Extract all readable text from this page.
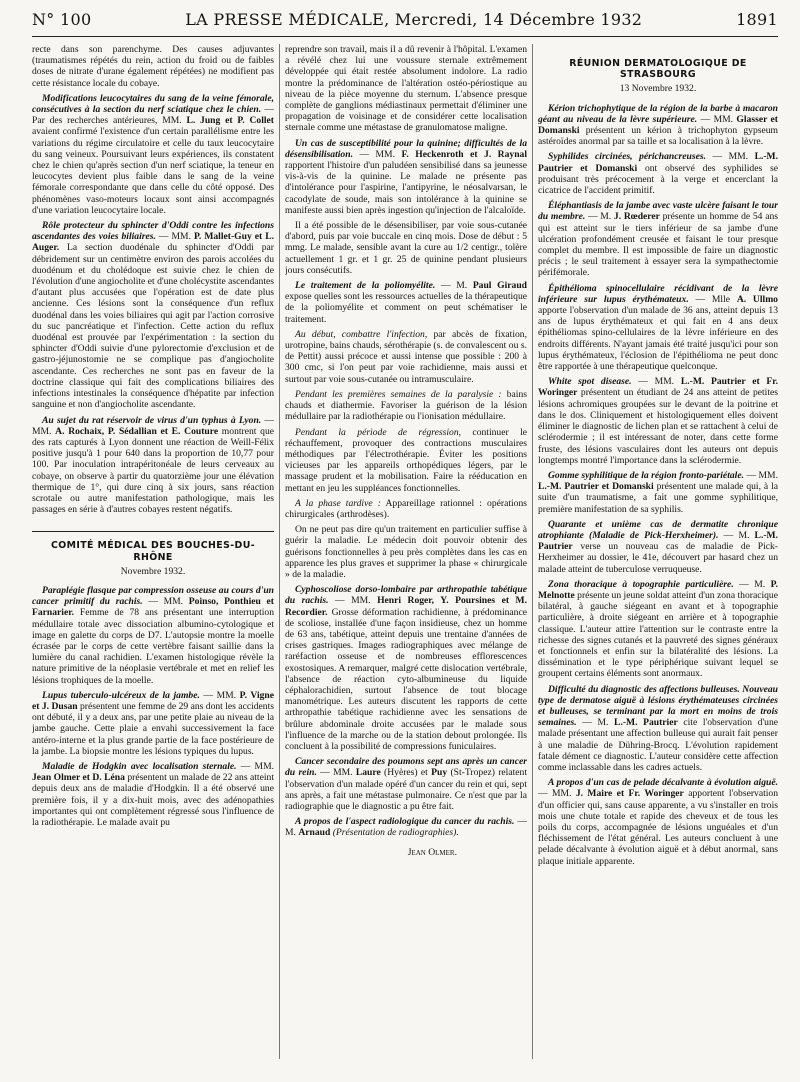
N° 100	LA PRESSE MÉDICALE, Mercredi, 14 Décembre 1932	1891

recte dans son parenchyme. Des causes adjuvantes (traumatismes répétés du rein, action du froid ou de faibles doses de nitrate d'urane également répétées) ne modifient pas cette résistance locale du cobaye.

Modifications leucocytaires du sang de la veine fémorale, consécutives à la section du nerf sciatique chez le chien. — Par des recherches antérieures, MM. L. Jung et P. Collet avaient confirmé l'existence d'un certain parallélisme entre les variations du régime circulatoire et celle du taux leucocytaire du sang veineux. Poursuivant leurs expériences, ils constatent chez le chien qu'après section d'un nerf sciatique, la teneur en leucocytes devient plus faible dans le sang de la veine fémorale correspondante que dans celle du côté opposé. Des phénomènes vaso-moteurs locaux sont ainsi accompagnés d'une variation leucocytaire locale.

Rôle protecteur du sphincter d'Oddi contre les infections ascendantes des voies biliaires. — MM. P. Mallet-Guy et L. Auger. La section duodénale du sphincter d'Oddi par débridement sur un centimètre environ des parois accolées du duodénum et du cholédoque est suivie chez le chien de l'évolution d'une angiocholite et d'une cholécystite ascendantes d'autant plus accusées que l'opération est de date plus ancienne. Ces lésions sont la conséquence d'un reflux duodénal dans les voies biliaires qui agit par l'action corrosive du suc pancréatique et l'infection. Cette action du reflux duodénal est prouvée par l'expérimentation : la section du sphincter d'Oddi suivie d'une pylorectomie d'exclusion et de gastro-jéjunostomie ne se complique pas d'angiocholite ascendante. Ces recherches ne sont pas en faveur de la doctrine classique qui fait des complications biliaires des infections intestinales la conséquence d'hépatite par infection sanguine et non d'angiocholite ascendante.

Au sujet du rat réservoir de virus d'un typhus à Lyon. — MM. A. Rochaix, P. Sédallian et E. Couture montrent que des rats capturés à Lyon donnent une réaction de Weill-Félix positive jusqu'à 1 pour 640 dans la proportion de 10,77 pour 100. Par inoculation intrapéritonéale de leurs cerveaux au cobaye, on observe à partir du quatorzième jour une élévation thermique de 1°, qui dure cinq à six jours, sans réaction scrotale ou autre manifestation pathologique, mais les passages en série à d'autres cobayes restent négatifs.

COMITÉ MÉDICAL DES BOUCHES-DU-RHÔNE
Novembre 1932.

Paraplégie flasque par compression osseuse au cours d'un cancer primitif du rachis. — MM. Poinso, Ponthieu et Farnarier. Femme de 78 ans présentant une interruption médullaire totale avec dissociation albumino-cytologique et image en galette du corps de D7. L'autopsie montre la moelle écrasée par le corps de cette vertèbre faisant saillie dans la lumière du canal rachidien. L'examen histologique révèle la nature primitive de la néoplasie vertébrale et met en relief les lésions trophiques de la moelle.

Lupus tuberculo-ulcéreux de la jambe. — MM. P. Vigne et J. Dusan présentent une femme de 29 ans dont les accidents ont débuté, il y a deux ans, par une petite plaie au niveau de la jambe gauche. Cette plaie a envahi successivement la face antéro-interne et la plus grande partie de la face postérieure de la jambe. La biopsie montre les lésions typiques du lupus.

Maladie de Hodgkin avec localisation sternale. — MM. Jean Olmer et D. Léna présentent un malade de 22 ans atteint depuis deux ans de maladie d'Hodgkin. Il a été observé une première fois, il y a dix-huit mois, avec des adénopathies importantes qui ont complètement régressé sous l'influence de la radiothérapie. Le malade avait pu

reprendre son travail, mais il a dû revenir à l'hôpital. L'examen a révélé chez lui une voussure sternale extrêmement développée qui était restée absolument indolore. La radio montre la prédominance de l'altération ostéo-périostique au niveau de la pièce moyenne du sternum. L'absence presque complète de ganglions médiastinaux permettait d'éliminer une propagation de voisinage et de considérer cette localisation sternale comme une métastase de granulomatose maligne.

Un cas de susceptibilité pour la quinine; difficultés de la désensibilisation. — MM. F. Heckenroth et J. Raynal rapportent l'histoire d'un paludéen sensibilisé dans sa jeunesse vis-à-vis de la quinine. Le malade ne présente pas d'intolérance pour l'aspirine, l'antipyrine, le néosalvarsan, le cacodylate de soude, mais son intolérance à la quinine se manifeste aussi bien après ingestion qu'injection de l'alcaloïde.

Il a été possible de le désensibiliser, par voie sous-cutanée d'abord, puis par voie buccale en cinq mois. Dose de début : 5 mmg. Le malade, sensible avant la cure au 1/2 centigr., tolère actuellement 1 gr. et 1 gr. 25 de quinine pendant plusieurs jours consécutifs.

Le traitement de la poliomyélite. — M. Paul Giraud expose quelles sont les ressources actuelles de la thérapeutique de la poliomyélite et comment on peut schématiser le traitement.

Au début, combattre l'infection, par abcès de fixation, urotropine, bains chauds, sérothérapie (s. de convalescent ou s. de Pettit) aussi précoce et aussi intense que possible : 200 à 300 cmc, si l'on peut par voie rachidienne, mais aussi et surtout par voie sous-cutanée ou intramusculaire.

Pendant les premières semaines de la paralysie : bains chauds et diathermie. Favoriser la guérison de la lésion médullaire par la radiothérapie ou l'ionisation médullaire.

Pendant la période de régression, continuer le réchauffement, provoquer des contractions musculaires méthodiques par l'électrothérapie. Éviter les positions vicieuses par les appareils orthopédiques légers, par le massage prudent et la mobilisation. Faire la rééducation en mettant en jeu les suppléances fonctionnelles.

A la phase tardive : Appareillage rationnel : opérations chirurgicales (arthrodèses).

On ne peut pas dire qu'un traitement en particulier suffise à guérir la maladie. Le médecin doit pouvoir obtenir des guérisons fonctionnelles à peu près complètes dans les cas en apparence les plus graves et supprimer la phase « chirurgicale » de la maladie.

Cyphoscoliose dorso-lombaire par arthropathie tabétique du rachis. — MM. Henri Roger, Y. Poursines et M. Recordier. Grosse déformation rachidienne, à prédominance de scoliose, installée d'une façon insidieuse, chez un homme de 63 ans, tabétique, atteint depuis une trentaine d'années de crises gastriques. Images radiographiques avec mélange de raréfaction osseuse et de nombreuses efflorescences exostosiques. A remarquer, malgré cette dislocation vertébrale, l'absence de réaction cyto-albumineuse du liquide céphalorachidien, surtout l'absence de tout blocage manométrique. Les auteurs discutent les rapports de cette arthropathie tabétique rachidienne avec les sensations de brûlure abdominale droite accusées par le malade sous l'influence de la marche ou de la station debout prolongée. Ils concluent à la possibilité de compressions funiculaires.

Cancer secondaire des poumons sept ans après un cancer du rein. — MM. Laure (Hyères) et Puy (St-Tropez) relatent l'observation d'un malade opéré d'un cancer du rein et qui, sept ans après, a fait une métastase pulmonaire. Ce n'est que par la radiographie que le diagnostic a pu être fait.

A propos de l'aspect radiologique du cancer du rachis. — M. Arnaud (Présentation de radiographies).

Jean Olmer.
RÉUNION DERMATOLOGIQUE DE STRASBOURG
13 Novembre 1932.

Kérion trichophytique de la région de la barbe à macaron géant au niveau de la lèvre supérieure. — MM. Glasser et Domanski présentent un kérion à trichophyton gypseum astéroïdes anormal par sa taille et sa localisation à la lèvre.

Syphilides circinées, périchancreuses. — MM. L.-M. Pautrier et Domanski ont observé des syphilides se produisant très précocement à la verge et encerclant la cicatrice de l'accident primitif.

Éléphantiasis de la jambe avec vaste ulcère faisant le tour du membre. — M. J. Rœderer présente un homme de 54 ans qui est atteint sur le tiers inférieur de sa jambe d'une ulcération profondément creusée et faisant le tour presque complet du membre. Il est impossible de faire un diagnostic précis ; le seul traitement à essayer sera la sympathectomie périfémorale.

Épithélioma spinocellulaire récidivant de la lèvre inférieure sur lupus érythémateux. — Mlle A. Ullmo apporte l'observation d'un malade de 36 ans, atteint depuis 13 ans de lupus érythémateux et qui fait en 4 ans deux épithéliomas spino-cellulaires de la lèvre inférieure en des endroits différents. N'ayant jamais été traité jusqu'ici pour son lupus érythémateux, l'éclosion de l'épithélioma ne peut donc être rapportée à une thérapeutique quelconque.

White spot disease. — MM. L.-M. Pautrier et Fr. Woringer présentent un étudiant de 24 ans atteint de petites lésions achromiques groupées sur le devant de la poitrine et dans le dos. Cliniquement et histologiquement elles doivent éliminer le diagnostic de lichen plan et se rattachent à celui de sclérodermie ; il est intéressant de noter, dans cette forme fruste, des lésions vasculaires dont les auteurs ont depuis longtemps montré l'importance dans la sclérodermie.

Gomme syphilitique de la région fronto-pariétale. — MM. L.-M. Pautrier et Domanski présentent une malade qui, à la suite d'un traumatisme, a fait une gomme syphilitique, première manifestation de sa syphilis.

Quarante et unième cas de dermatite chronique atrophiante (Maladie de Pick-Herxheimer). — M. L.-M. Pautrier verse un nouveau cas de maladie de Pick-Herxheimer au dossier, le 41e, découvert par hasard chez un malade atteint de tuberculose verruqueuse.

Zona thoracique à topographie particulière. — M. P. Melnotte présente un jeune soldat atteint d'un zona thoracique bilatéral, à gauche siégeant en avant et à topographie particulière, à droite siégeant en arrière et à topographie classique. L'auteur attire l'attention sur le contraste entre la richesse des signes cutanés et la pauvreté des signes généraux et fonctionnels et enfin sur la bilatéralité des lésions. La dissémination et le type périphérique suivant lequel se groupent certains éléments sont anormaux.

Difficulté du diagnostic des affections bulleuses. Nouveau type de dermatose aiguë à lésions érythémateuses circinées et bulleuses, se terminant par la mort en moins de trois semaines. — M. L.-M. Pautrier cite l'observation d'une malade présentant une affection bulleuse qui aurait fait penser à une maladie de Dühring-Brocq. L'évolution rapidement fatale dément ce diagnostic. L'auteur considère cette affection comme inclassable dans les cadres actuels.

A propos d'un cas de pelade décalvante à évolution aiguë. — MM. J. Maire et Fr. Woringer apportent l'observation d'un officier qui, sans cause apparente, a vu s'installer en trois mois une chute totale et rapide des cheveux et de tous les poils du corps, accompagnée de lésions unguéales et d'un fléchissement de l'état général. Les auteurs concluent à une pelade décalvante à évolution aiguë et à début anormal, sans plaque initiale apparente.
